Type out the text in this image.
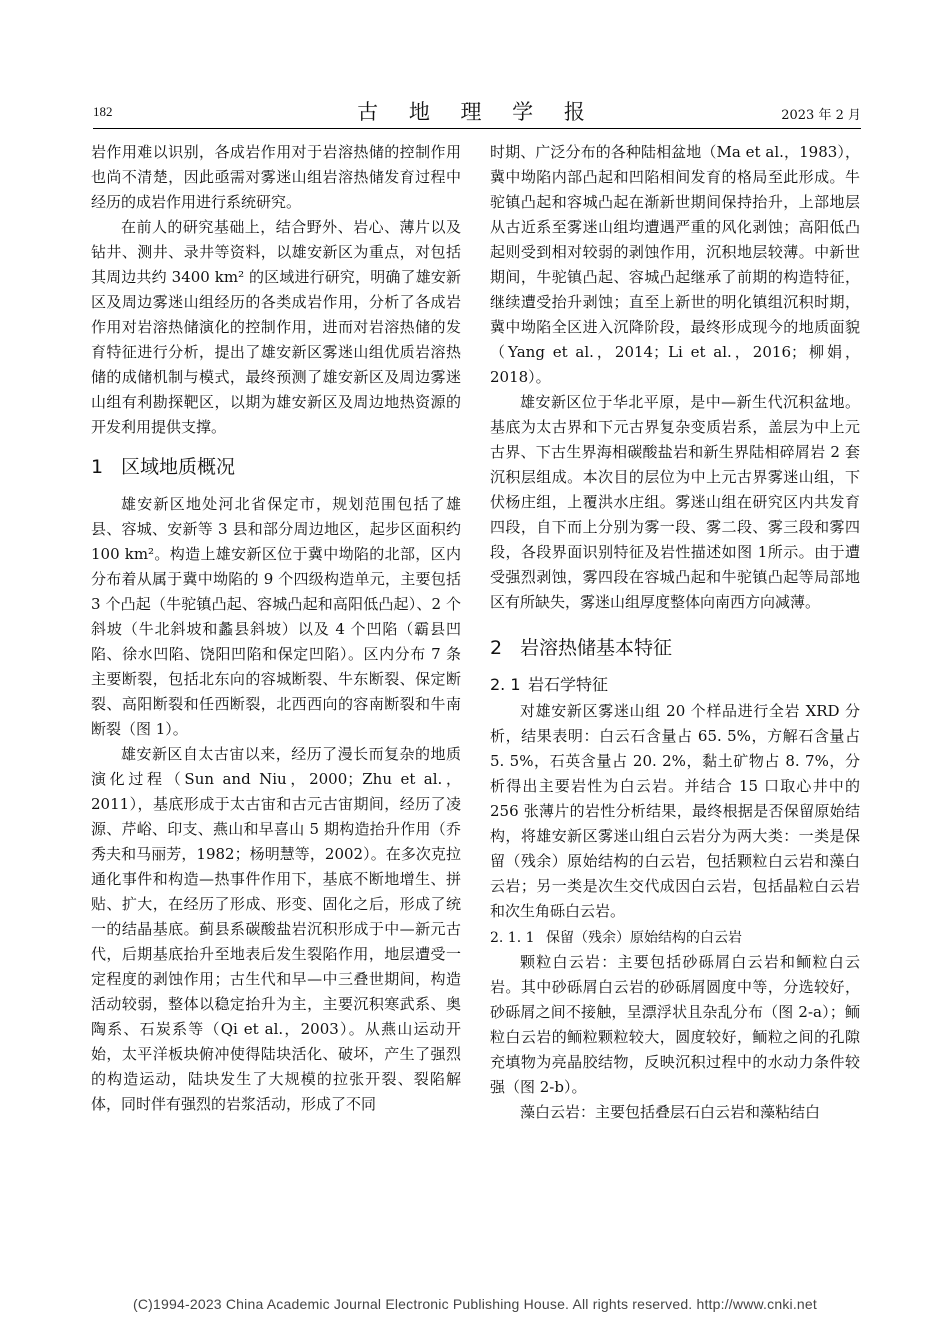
182	古 地 理 学 报	2023 年 2 月

岩作用难以识别，各成岩作用对于岩溶热储的控制作用也尚不清楚，因此亟需对雾迷山组岩溶热储发育过程中经历的成岩作用进行系统研究。

在前人的研究基础上，结合野外、岩心、薄片以及钻井、测井、录井等资料，以雄安新区为重点，对包括其周边共约 3400 km² 的区域进行研究，明确了雄安新区及周边雾迷山组经历的各类成岩作用，分析了各成岩作用对岩溶热储演化的控制作用，进而对岩溶热储的发育特征进行分析，提出了雄安新区雾迷山组优质岩溶热储的成储机制与模式，最终预测了雄安新区及周边雾迷山组有利勘探靶区，以期为雄安新区及周边地热资源的开发利用提供支撑。

1 区域地质概况

雄安新区地处河北省保定市，规划范围包括了雄县、容城、安新等 3 县和部分周边地区，起步区面积约 100 km²。构造上雄安新区位于冀中坳陷的北部，区内分布着从属于冀中坳陷的 9 个四级构造单元，主要包括 3 个凸起（牛驼镇凸起、容城凸起和高阳低凸起）、2 个斜坡（牛北斜坡和蠡县斜坡）以及 4 个凹陷（霸县凹陷、徐水凹陷、饶阳凹陷和保定凹陷）。区内分布 7 条主要断裂，包括北东向的容城断裂、牛东断裂、保定断裂、高阳断裂和任西断裂，北西西向的容南断裂和牛南断裂（图 1）。

雄安新区自太古宙以来，经历了漫长而复杂的地质演化过程（Sun and Niu，2000；Zhu et al.，2011），基底形成于太古宙和古元古宙期间，经历了凌源、芹峪、印支、燕山和早喜山 5 期构造抬升作用（乔秀夫和马丽芳，1982；杨明慧等，2002）。在多次克拉通化事件和构造—热事件作用下，基底不断地增生、拼贴、扩大，在经历了形成、形变、固化之后，形成了统一的结晶基底。蓟县系碳酸盐岩沉积形成于中—新元古代，后期基底抬升至地表后发生裂陷作用，地层遭受一定程度的剥蚀作用；古生代和早—中三叠世期间，构造活动较弱，整体以稳定抬升为主，主要沉积寒武系、奥陶系、石炭系等（Qi et al.，2003）。从燕山运动开始，太平洋板块俯冲使得陆块活化、破坏，产生了强烈的构造运动，陆块发生了大规模的拉张开裂、裂陷解体，同时伴有强烈的岩浆活动，形成了不同

时期、广泛分布的各种陆相盆地（Ma et al.，1983），冀中坳陷内部凸起和凹陷相间发育的格局至此形成。牛驼镇凸起和容城凸起在渐新世期间保持抬升，上部地层从古近系至雾迷山组均遭遇严重的风化剥蚀；高阳低凸起则受到相对较弱的剥蚀作用，沉积地层较薄。中新世期间，牛驼镇凸起、容城凸起继承了前期的构造特征，继续遭受抬升剥蚀；直至上新世的明化镇组沉积时期，冀中坳陷全区进入沉降阶段，最终形成现今的地质面貌（Yang et al.，2014；Li et al.，2016；柳娟，2018）。

雄安新区位于华北平原，是中—新生代沉积盆地。基底为太古界和下元古界复杂变质岩系，盖层为中上元古界、下古生界海相碳酸盐岩和新生界陆相碎屑岩 2 套沉积层组成。本次目的层位为中上元古界雾迷山组，下伏杨庄组，上覆洪水庄组。雾迷山组在研究区内共发育四段，自下而上分别为雾一段、雾二段、雾三段和雾四段，各段界面识别特征及岩性描述如图 1所示。由于遭受强烈剥蚀，雾四段在容城凸起和牛驼镇凸起等局部地区有所缺失，雾迷山组厚度整体向南西方向减薄。

2 岩溶热储基本特征
2. 1 岩石学特征

对雄安新区雾迷山组 20 个样品进行全岩 XRD 分析，结果表明：白云石含量占 65. 5%，方解石含量占 5. 5%，石英含量占 20. 2%，黏土矿物占 8. 7%，分析得出主要岩性为白云岩。并结合 15 口取心井中的 256 张薄片的岩性分析结果，最终根据是否保留原始结构，将雄安新区雾迷山组白云岩分为两大类：一类是保留（残余）原始结构的白云岩，包括颗粒白云岩和藻白云岩；另一类是次生交代成因白云岩，包括晶粒白云岩和次生角砾白云岩。

2. 1. 1 保留（残余）原始结构的白云岩

颗粒白云岩：主要包括砂砾屑白云岩和鲕粒白云岩。其中砂砾屑白云岩的砂砾屑圆度中等，分选较好，砂砾屑之间不接触，呈漂浮状且杂乱分布（图 2-a）；鲕粒白云岩的鲕粒颗粒较大，圆度较好，鲕粒之间的孔隙充填物为亮晶胶结物，反映沉积过程中的水动力条件较强（图 2-b）。

藻白云岩：主要包括叠层石白云岩和藻粘结白

(C)1994-2023 China Academic Journal Electronic Publishing House. All rights reserved. http://www.cnki.net
